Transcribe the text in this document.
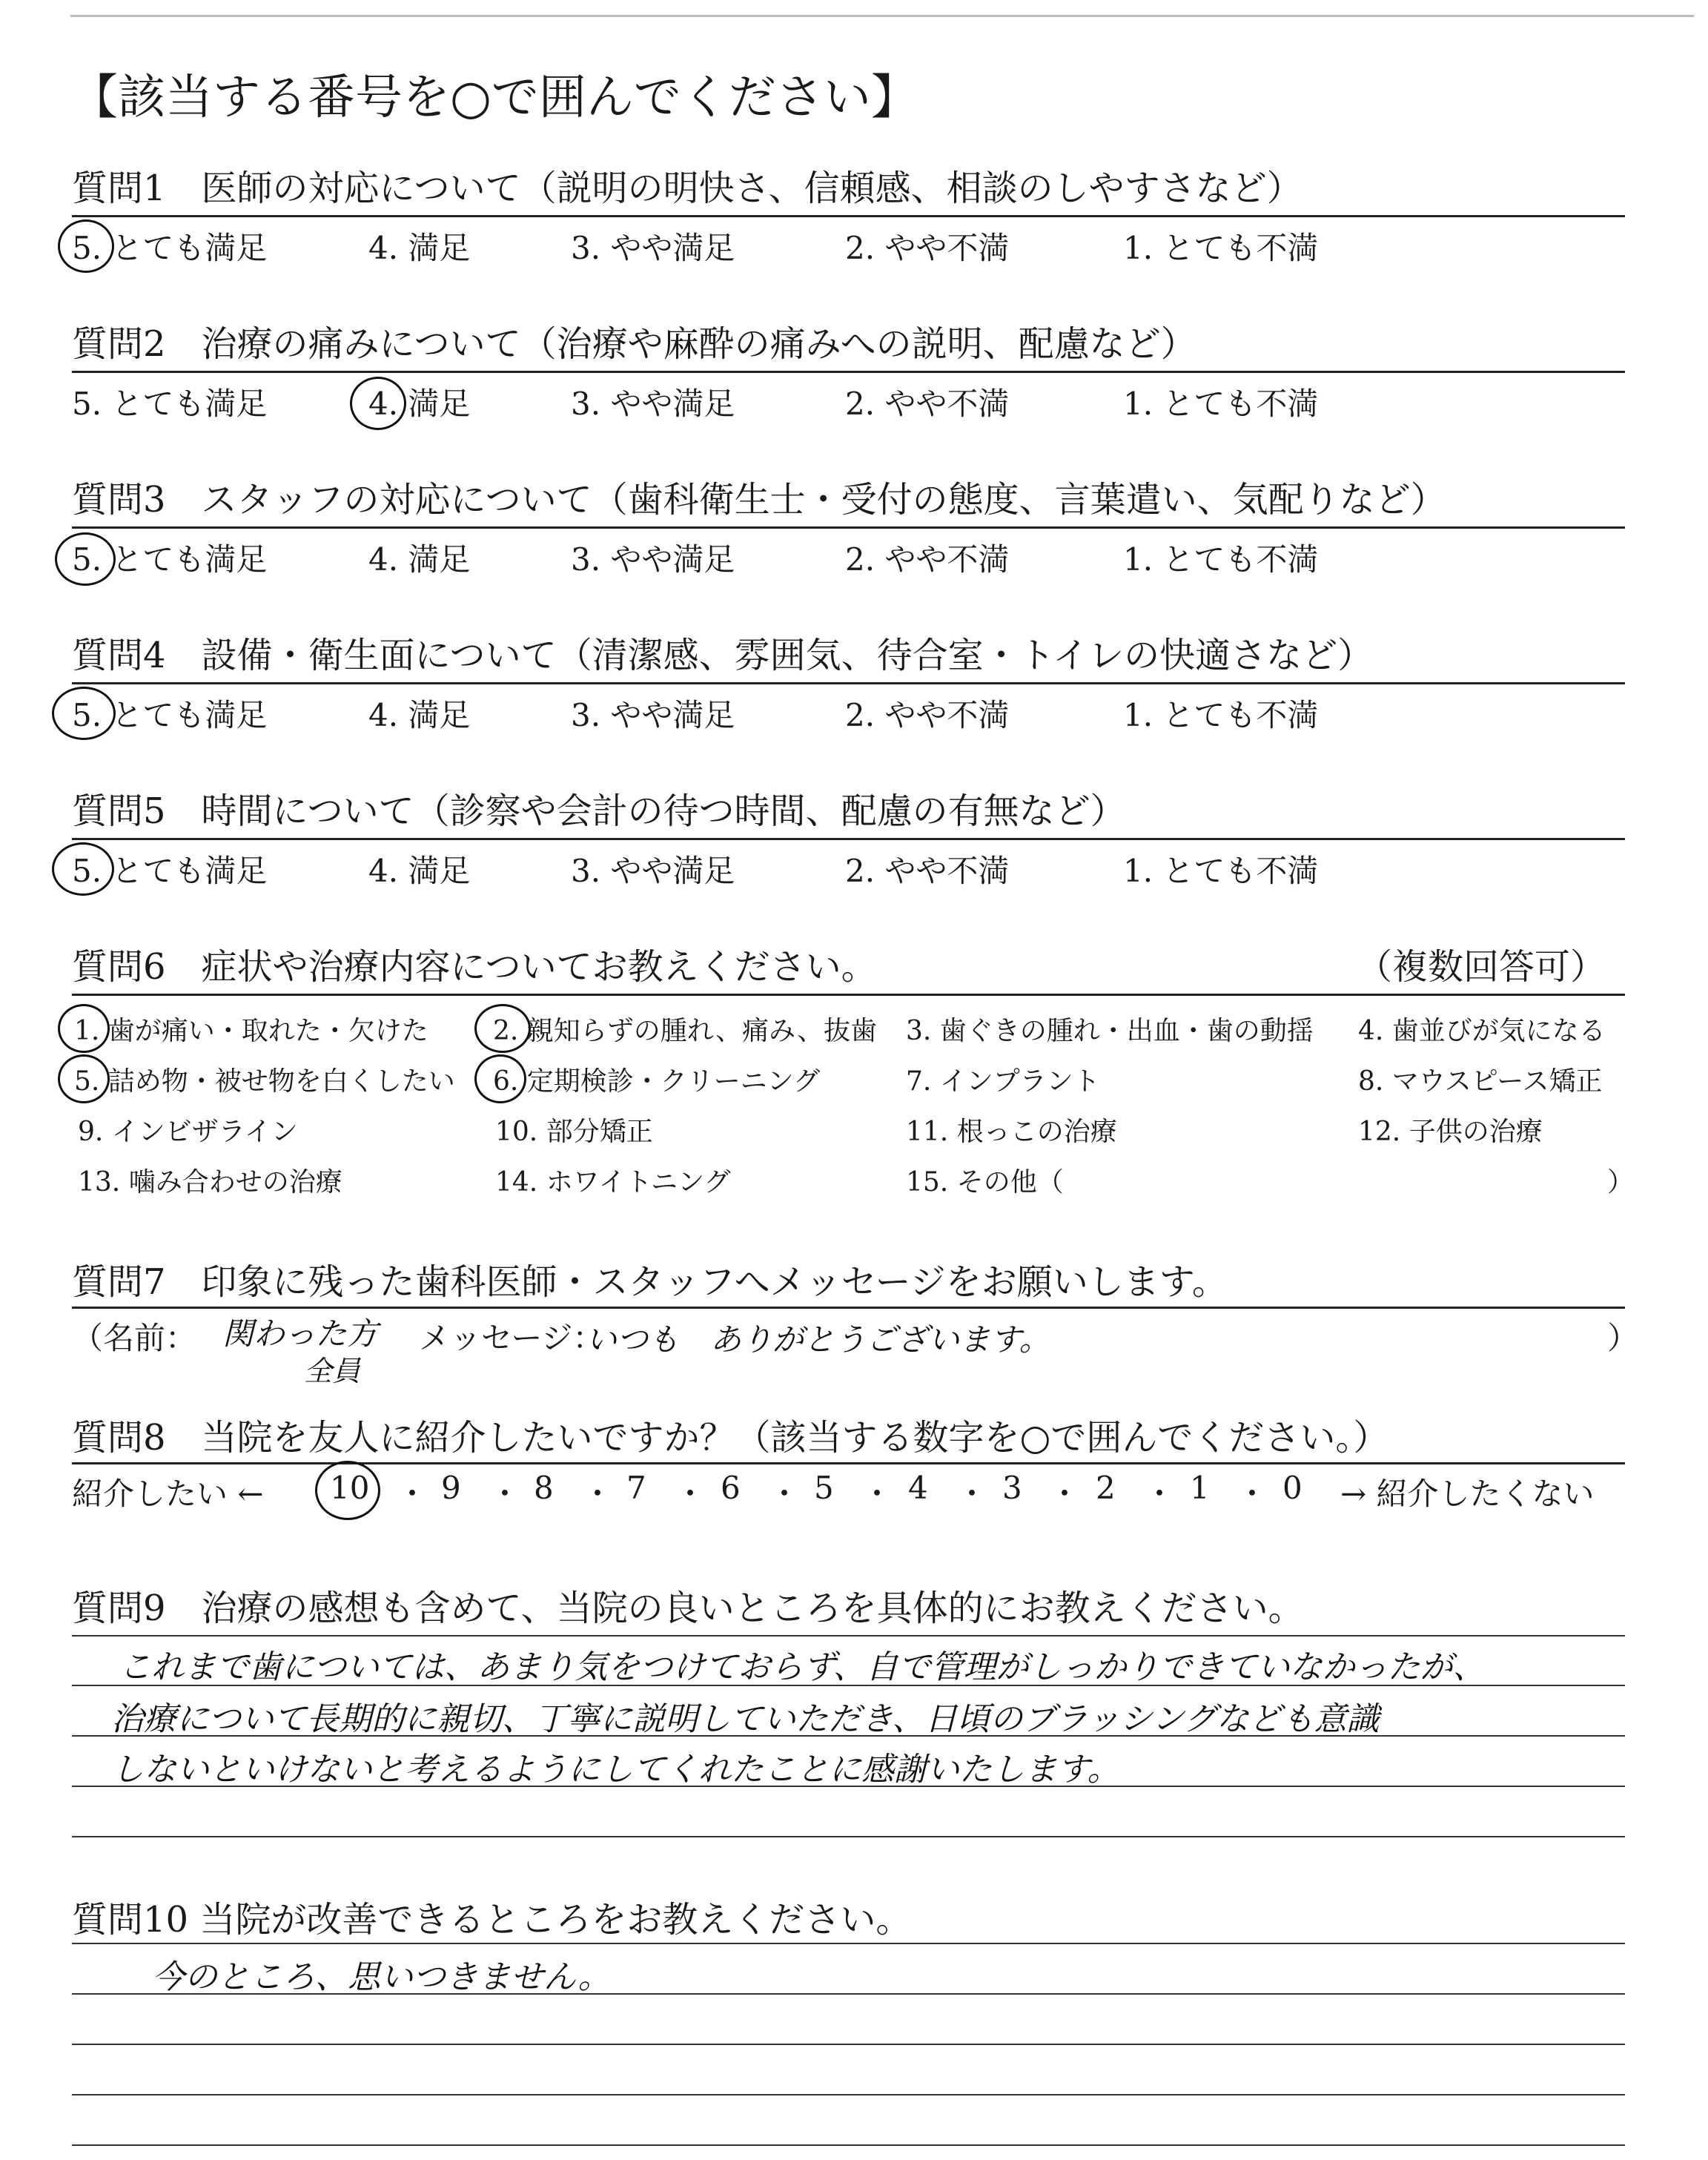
【該当する番号を○で囲んでください】
質問1　医師の対応について（説明の明快さ、信頼感、相談のしやすさなど）
5. とても満足	4. 満足	3. やや満足	2. やや不満	1. とても不満
質問2　治療の痛みについて（治療や麻酔の痛みへの説明、配慮など）
5. とても満足	4. 満足	3. やや満足	2. やや不満	1. とても不満
質問3　スタッフの対応について（歯科衛生士・受付の態度、言葉遣い、気配りなど）
5. とても満足	4. 満足	3. やや満足	2. やや不満	1. とても不満
質問4　設備・衛生面について（清潔感、雰囲気、待合室・トイレの快適さなど）
5. とても満足	4. 満足	3. やや満足	2. やや不満	1. とても不満
質問5　時間について（診察や会計の待つ時間、配慮の有無など）
5. とても満足	4. 満足	3. やや満足	2. やや不満	1. とても不満
質問6　症状や治療内容についてお教えください。	（複数回答可）
1. 歯が痛い・取れた・欠けた 2. 親知らずの腫れ、痛み、抜歯 3. 歯ぐきの腫れ・出血・歯の動揺 4. 歯並びが気になる
5. 詰め物・被せ物を白くしたい 6. 定期検診・クリーニング	7. インプラント	8. マウスピース矯正
9. インビザライン	10. 部分矯正	11. 根っこの治療	12. 子供の治療
13. 噛み合わせの治療	14. ホワイトニング	15. その他（	）
質問7　印象に残った歯科医師・スタッフへメッセージをお願いします。
（名前： 関わった方
全員
メッセージ：
いつも　ありがとうございます。	）
質問8　当院を友人に紹介したいですか？（該当する数字を○で囲んでください。）
紹介したい ← 10 ・ 9 ・ 8 ・ 7 ・ 6 ・ 5 ・ 4 ・ 3 ・ 2 ・ 1 ・ 0 → 紹介したくない
質問9　治療の感想も含めて、当院の良いところを具体的にお教えください。
これまで歯については、あまり気をつけておらず、自で管理がしっかりできていなかったが、
治療について長期的に親切、丁寧に説明していただき、日頃のブラッシングなども意識
しないといけないと考えるようにしてくれたことに感謝いたします。
質問10 当院が改善できるところをお教えください。
今のところ、思いつきません。
